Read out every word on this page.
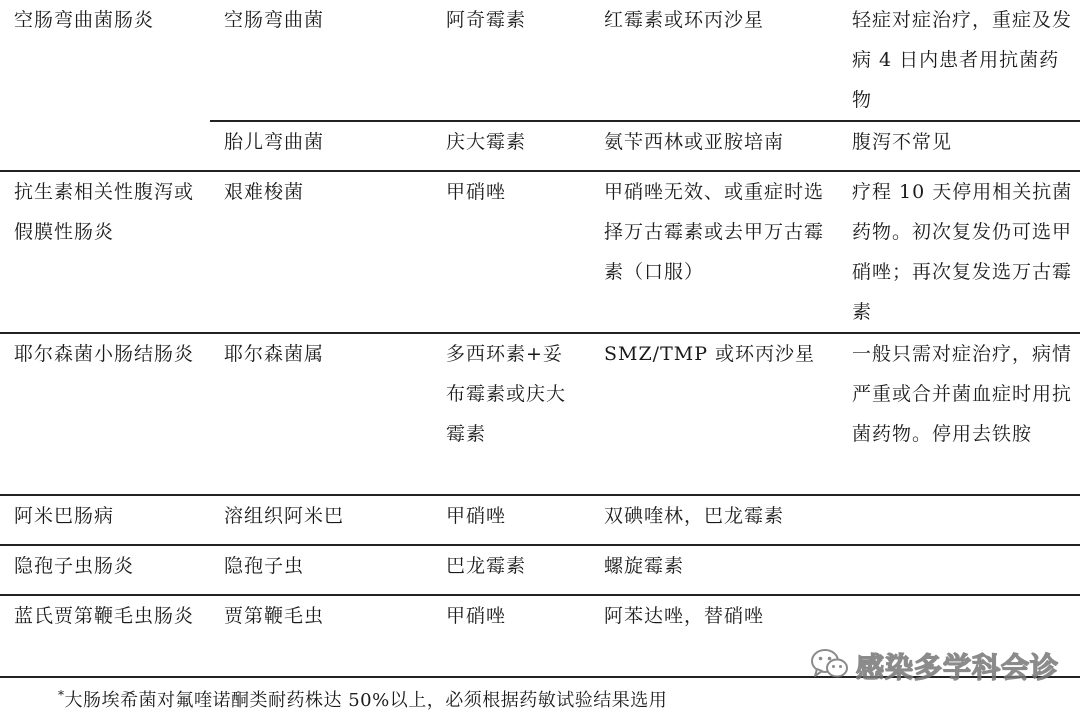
空肠弯曲菌肠炎	空肠弯曲菌	阿奇霉素	红霉素或环丙沙星	轻症对症治疗，重症及发病 4 日内患者用抗菌药物
	胎儿弯曲菌	庆大霉素	氨苄西林或亚胺培南	腹泻不常见
抗生素相关性腹泻或假膜性肠炎	艰难梭菌	甲硝唑	甲硝唑无效、或重症时选择万古霉素或去甲万古霉素（口服）	疗程 10 天停用相关抗菌药物。初次复发仍可选甲硝唑；再次复发选万古霉素
耶尔森菌小肠结肠炎	耶尔森菌属	多西环素+妥布霉素或庆大霉素	SMZ/TMP 或环丙沙星	一般只需对症治疗，病情严重或合并菌血症时用抗菌药物。停用去铁胺
阿米巴肠病	溶组织阿米巴	甲硝唑	双碘喹林，巴龙霉素	
隐孢子虫肠炎	隐孢子虫	巴龙霉素	螺旋霉素	
蓝氏贾第鞭毛虫肠炎	贾第鞭毛虫	甲硝唑	阿苯达唑，替硝唑	
*大肠埃希菌对氟喹诺酮类耐药株达 50%以上，必须根据药敏试验结果选用
感染多学科会诊
